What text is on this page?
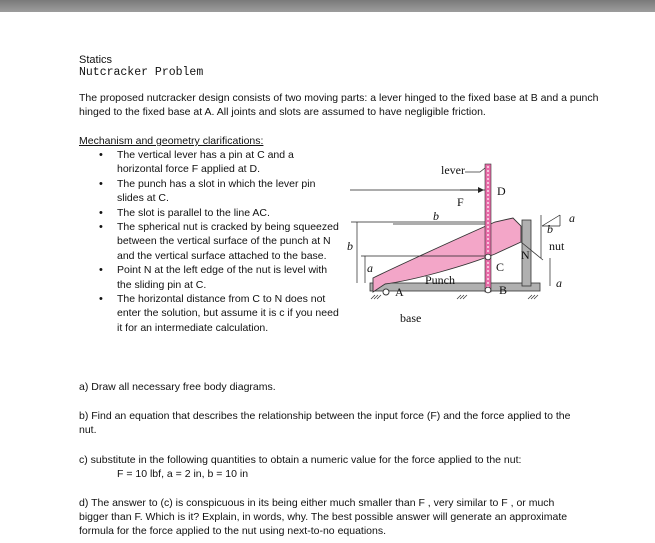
Statics
Nutcracker Problem
The proposed nutcracker design consists of two moving parts: a lever hinged to the fixed base at B and a punch hinged to the fixed base at A. All joints and slots are assumed to have negligible friction.
Mechanism and geometry clarifications:
• The vertical lever has a pin at C and a horizontal force F applied at D.
• The punch has a slot in which the lever pin slides at C.
• The slot is parallel to the line AC.
• The spherical nut is cracked by being squeezed between the vertical surface of the punch at N and the vertical surface attached to the base.
• Point N at the left edge of the nut is level with the sliding pin at C.
• The horizontal distance from C to N does not enter the solution, but assume it is c if you need it for an intermediate calculation.
lever
D
F
b
b
a
nut
N
C
b
a
Punch	a
A	B
base
a) Draw all necessary free body diagrams.
b) Find an equation that describes the relationship between the input force (F) and the force applied to the nut.
c) substitute in the following quantities to obtain a numeric value for the force applied to the nut:
F = 10 lbf, a = 2 in, b = 10 in
d) The answer to (c) is conspicuous in its being either much smaller than F , very similar to F , or much bigger than F. Which is it? Explain, in words, why. The best possible answer will generate an approximate formula for the force applied to the nut using next-to-no equations.
